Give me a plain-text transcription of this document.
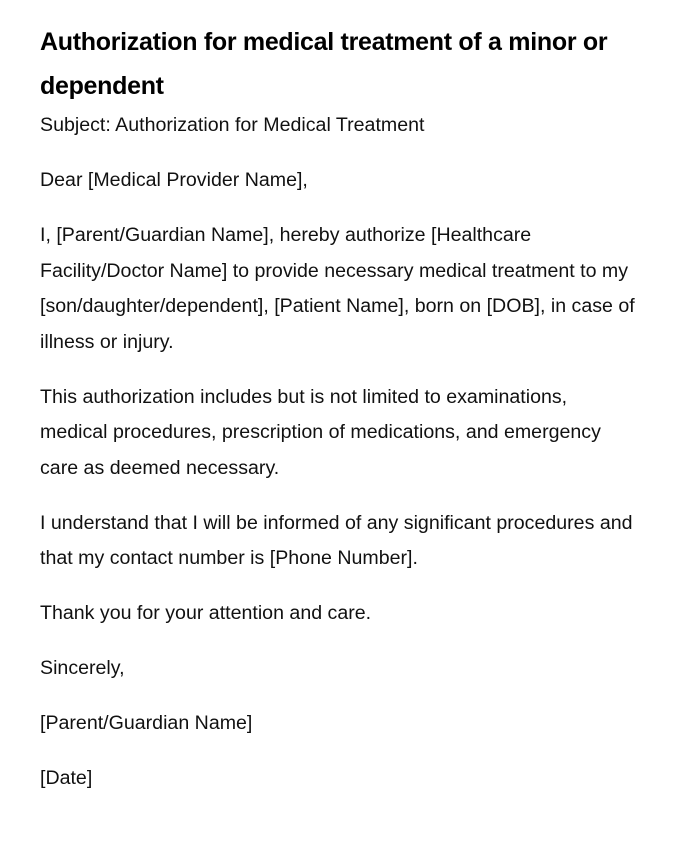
Authorization for medical treatment of a minor or dependent

Subject: Authorization for Medical Treatment

Dear [Medical Provider Name],

I, [Parent/Guardian Name], hereby authorize [Healthcare Facility/Doctor Name] to provide necessary medical treatment to my [son/daughter/dependent], [Patient Name], born on [DOB], in case of illness or injury.

This authorization includes but is not limited to examinations, medical procedures, prescription of medications, and emergency care as deemed necessary.

I understand that I will be informed of any significant procedures and that my contact number is [Phone Number].

Thank you for your attention and care.

Sincerely,

[Parent/Guardian Name]

[Date]
